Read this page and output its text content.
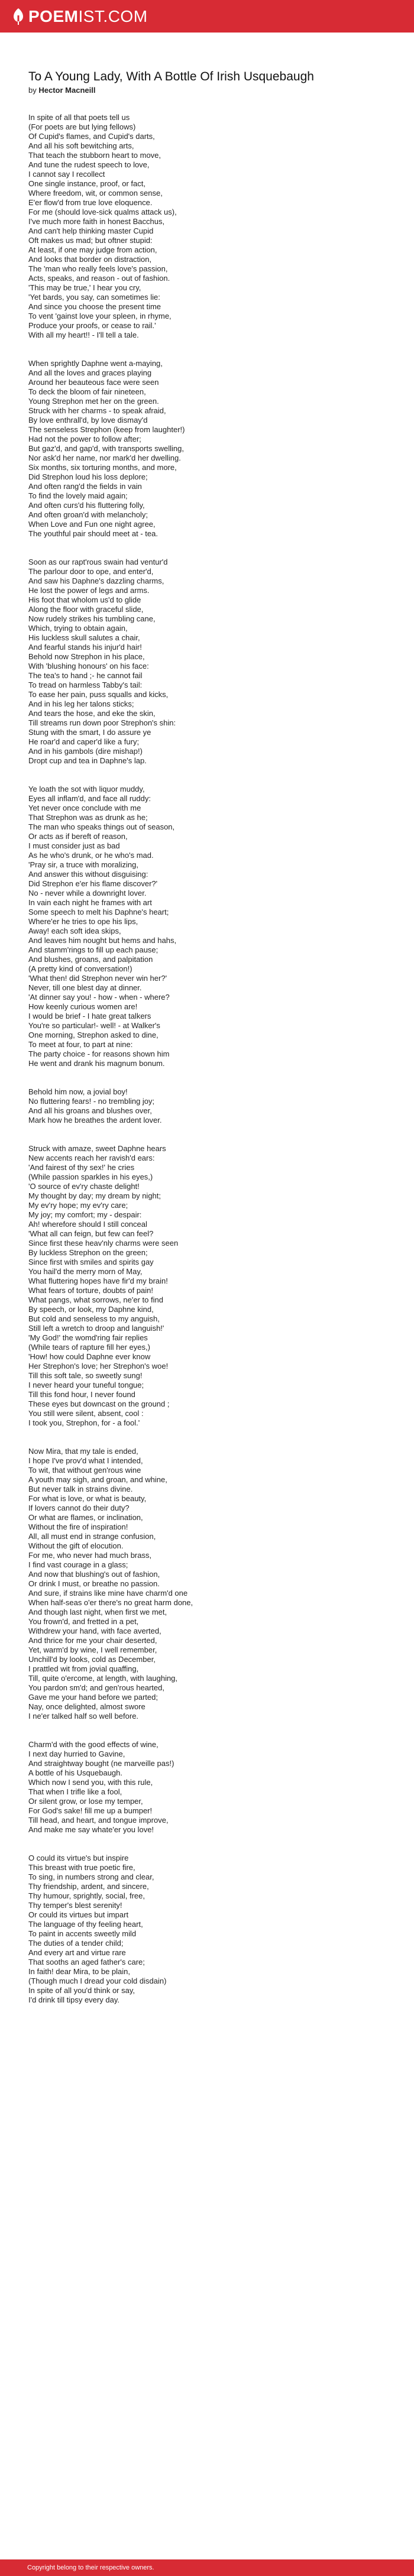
POEMIST.COM
To A Young Lady, With A Bottle Of Irish Usquebaugh

by Hector Macneill

In spite of all that poets tell us
(For poets are but lying fellows)
Of Cupid's flames, and Cupid's darts,
And all his soft bewitching arts,
That teach the stubborn heart to move,
And tune the rudest speech to love,
I cannot say I recollect
One single instance, proof, or fact,
Where freedom, wit, or common sense,
E'er flow'd from true love eloquence.
For me (should love-sick qualms attack us),
I've much more faith in honest Bacchus,
And can't help thinking master Cupid
Oft makes us mad; but oftner stupid:
At least, if one may judge from action,
And looks that border on distraction,
The 'man who really feels love's passion,
Acts, speaks, and reason - out of fashion.
'This may be true,' I hear you cry,
'Yet bards, you say, can sometimes lie:
And since you choose the present time
To vent 'gainst love your spleen, in rhyme,
Produce your proofs, or cease to rail.'
With all my heart!! - I'll tell a tale.
When sprightly Daphne went a-maying,
And all the loves and graces playing
Around her beauteous face were seen
To deck the bloom of fair nineteen,
Young Strephon met her on the green.
Struck with her charms - to speak afraid,
By love enthrall'd, by love dismay'd
The senseless Strephon (keep from laughter!)
Had not the power to follow after;
But gaz'd, and gap'd, with transports swelling,
Nor ask'd her name, nor mark'd her dwelling.
Six months, six torturing months, and more,
Did Strephon loud his loss deplore;
And often rang'd the fields in vain
To find the lovely maid again;
And often curs'd his fluttering folly,
And often groan'd with melancholy;
When Love and Fun one night agree,
The youthful pair should meet at - tea.
Soon as our rapt'rous swain had ventur'd
The parlour door to ope, and enter'd,
And saw his Daphne's dazzling charms,
He lost the power of legs and arms.
His foot that wholom us'd to glide
Along the floor with graceful slide,
Now rudely strikes his tumbling cane,
Which, trying to obtain again,
His luckless skull salutes a chair,
And fearful stands his injur'd hair!
Behold now Strephon in his place,
With 'blushing honours' on his face:
The tea's to hand ;- he cannot fail
To tread on harmless Tabby's tail:
To ease her pain, puss squalls and kicks,
And in his leg her talons sticks;
And tears the hose, and eke the skin,
Till streams run down poor Strephon's shin:
Stung with the smart, I do assure ye
He roar'd and caper'd like a fury;
And in his gambols (dire mishap!)
Dropt cup and tea in Daphne's lap.
Ye loath the sot with liquor muddy,
Eyes all inflam'd, and face all ruddy:
Yet never once conclude with me
That Strephon was as drunk as he;
The man who speaks things out of season,
Or acts as if bereft of reason,
I must consider just as bad
As he who's drunk, or he who's mad.
'Pray sir, a truce with moralizing,
And answer this without disguising:
Did Strephon e'er his flame discover?'
No - never while a downright lover.
In vain each night he frames with art
Some speech to melt his Daphne's heart;
Where'er he tries to ope his lips,
Away! each soft idea skips,
And leaves him nought but hems and hahs,
And stamm'rings to fill up each pause;
And blushes, groans, and palpitation
(A pretty kind of conversation!)
'What then! did Strephon never win her?'
Never, till one blest day at dinner.
'At dinner say you! - how - when - where?
How keenly curious women are!
I would be brief - I hate great talkers
You're so particular!- well! - at Walker's
One morning, Strephon asked to dine,
To meet at four, to part at nine:
The party choice - for reasons shown him
He went and drank his magnum bonum.
Behold him now, a jovial boy!
No fluttering fears! - no trembling joy;
And all his groans and blushes over,
Mark how he breathes the ardent lover.
Struck with amaze, sweet Daphne hears
New accents reach her ravish'd ears:
'And fairest of thy sex!' he cries
(While passion sparkles in his eyes,)
'O source of ev'ry chaste delight!
My thought by day; my dream by night;
My ev'ry hope; my ev'ry care;
My joy; my comfort; my - despair:
Ah! wherefore should I still conceal
'What all can feign, but few can feel?
Since first these heav'nly charms were seen
By luckless Strephon on the green;
Since first with smiles and spirits gay
You hail'd the merry morn of May,
What fluttering hopes have fir'd my brain!
What fears of torture, doubts of pain!
What pangs, what sorrows, ne'er to find
By speech, or look, my Daphne kind,
But cold and senseless to my anguish,
Still left a wretch to droop and languish!'
'My God!' the womd'ring fair replies
(While tears of rapture fill her eyes,)
'How! how could Daphne ever know
Her Strephon's love; her Strephon's woe!
Till this soft tale, so sweetly sung!
I never heard your tuneful tongue;
Till this fond hour, I never found
These eyes but downcast on the ground ;
You still were silent, absent, cool :
I took you, Strephon, for - a fool.'
Now Mira, that my tale is ended,
I hope I've prov'd what I intended,
To wit, that without gen'rous wine
A youth may sigh, and groan, and whine,
But never talk in strains divine.
For what is love, or what is beauty,
If lovers cannot do their duty?
Or what are flames, or inclination,
Without the fire of inspiration!
All, all must end in strange confusion,
Without the gift of elocution.
For me, who never had much brass,
I find vast courage in a glass;
And now that blushing's out of fashion,
Or drink I must, or breathe no passion.
And sure, if strains like mine have charm'd one
When half-seas o'er there's no great harm done,
And though last night, when first we met,
You frown'd, and fretted in a pet,
Withdrew your hand, with face averted,
And thrice for me your chair deserted,
Yet, warm'd by wine, I well remember,
Unchill'd by looks, cold as December,
I prattled wit from jovial quaffing,
Till, quite o'ercome, at length, with laughing,
You pardon sm'd; and gen'rous hearted,
Gave me your hand before we parted;
Nay, once delighted, almost swore
I ne'er talked half so well before.
Charm'd with the good effects of wine,
I next day hurried to Gavine,
And straightway bought (ne marveille pas!)
A bottle of his Usquebaugh.
Which now I send you, with this rule,
That when I trifle like a fool,
Or silent grow, or lose my temper,
For God's sake! fill me up a bumper!
Till head, and heart, and tongue improve,
And make me say whate'er you love!
O could its virtue's but inspire
This breast with true poetic fire,
To sing, in numbers strong and clear,
Thy friendship, ardent, and sincere,
Thy humour, sprightly, social, free,
Thy temper's blest serenity!
Or could its virtues but impart
The language of thy feeling heart,
To paint in accents sweetly mild
The duties of a tender child;
And every art and virtue rare
That sooths an aged father's care;
In faith! dear Mira, to be plain,
(Though much I dread your cold disdain)
In spite of all you'd think or say,
I'd drink till tipsy every day.
Copyright belong to their respective owners.
